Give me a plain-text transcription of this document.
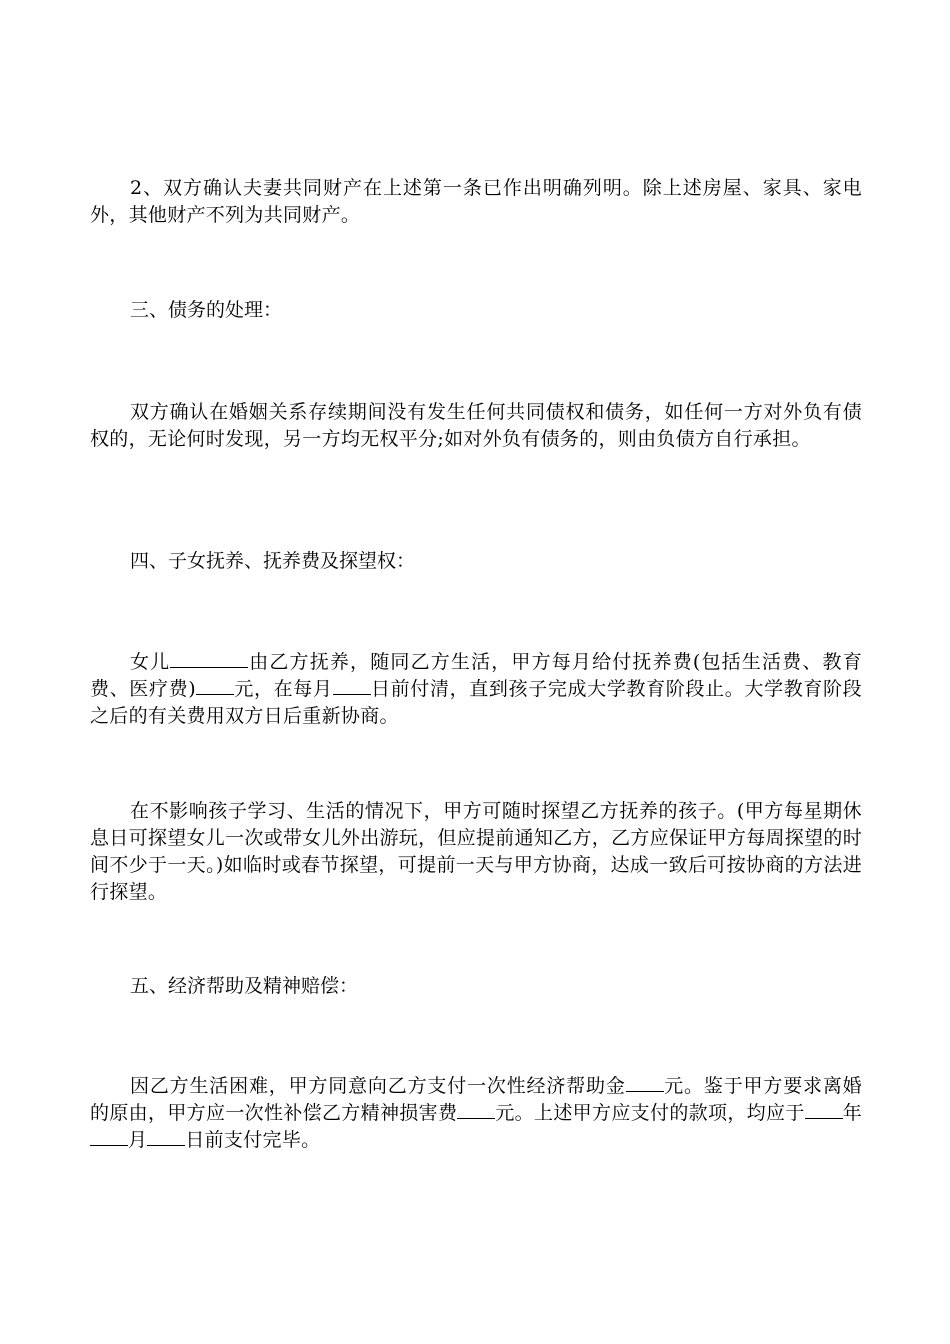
2、双方确认夫妻共同财产在上述第一条已作出明确列明。除上述房屋、家具、家电外，其他财产不列为共同财产。

三、债务的处理：

双方确认在婚姻关系存续期间没有发生任何共同债权和债务，如任何一方对外负有债权的，无论何时发现，另一方均无权平分;如对外负有债务的，则由负债方自行承担。

四、子女抚养、抚养费及探望权：

女儿	由乙方抚养，随同乙方生活，甲方每月给付抚养费(包括生活费、教育费、医疗费) 元，在每月 日前付清，直到孩子完成大学教育阶段止。大学教育阶段之后的有关费用双方日后重新协商。

在不影响孩子学习、生活的情况下，甲方可随时探望乙方抚养的孩子。(甲方每星期休息日可探望女儿一次或带女儿外出游玩，但应提前通知乙方，乙方应保证甲方每周探望的时间不少于一天。)如临时或春节探望，可提前一天与甲方协商，达成一致后可按协商的方法进行探望。

五、经济帮助及精神赔偿：

因乙方生活困难，甲方同意向乙方支付一次性经济帮助金 元。鉴于甲方要求离婚的原由，甲方应一次性补偿乙方精神损害费 元。上述甲方应支付的款项，均应于 年月 日前支付完毕。
